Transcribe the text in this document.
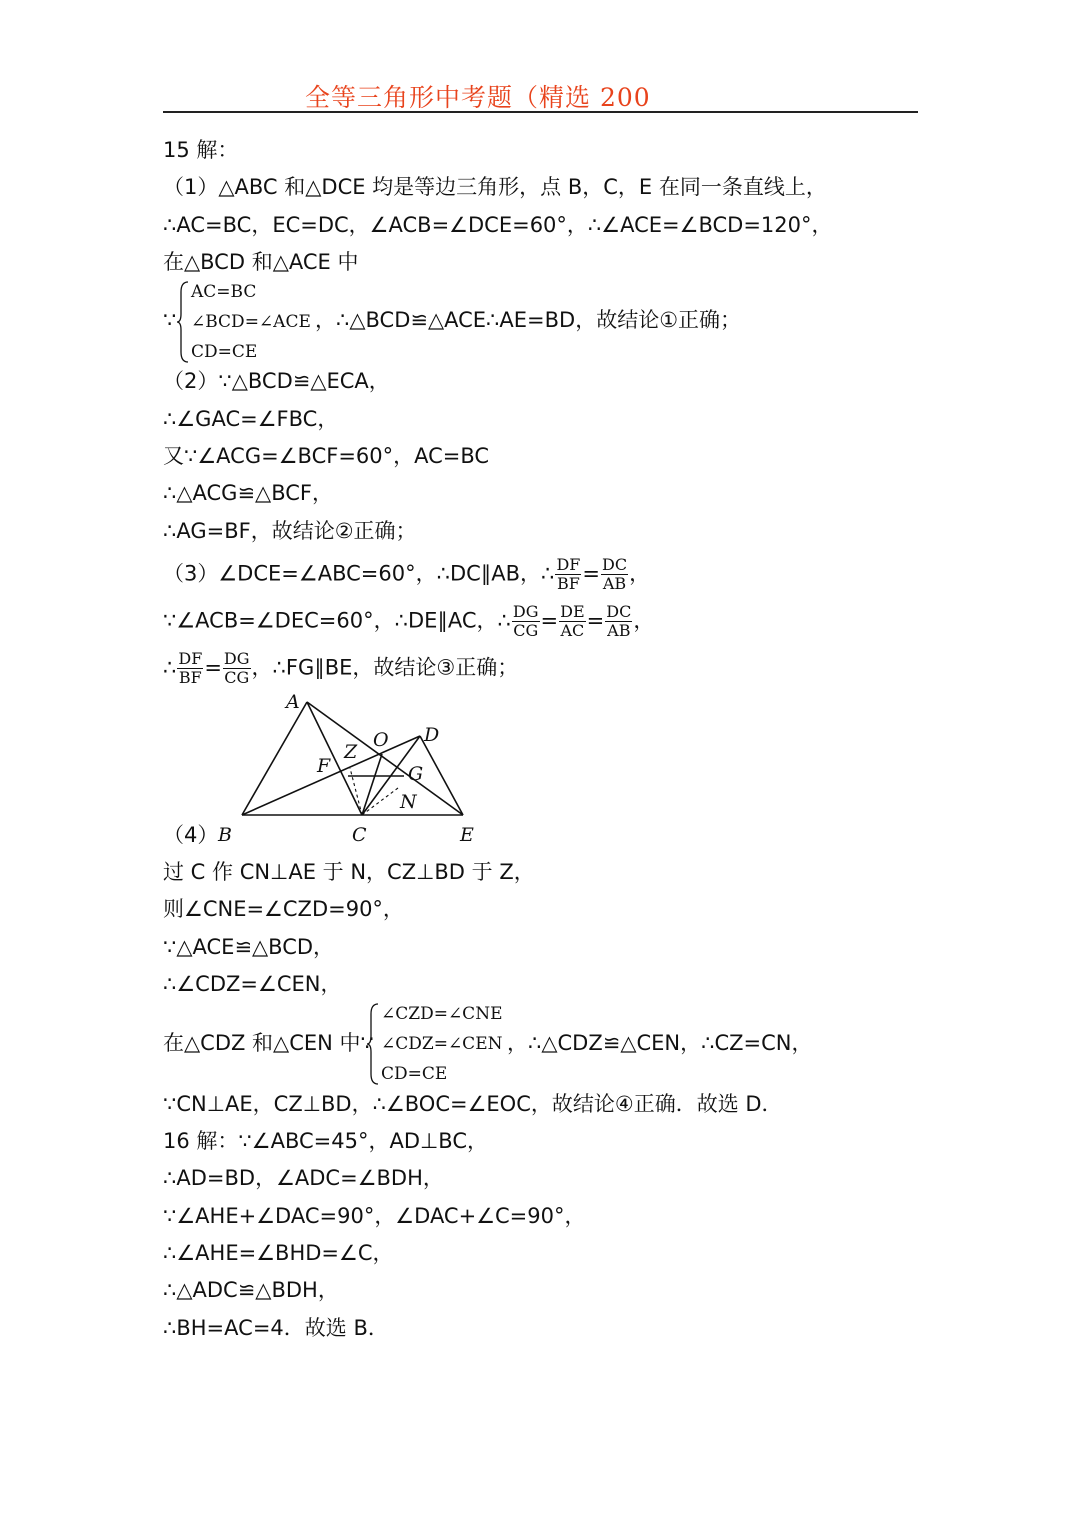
全等三角形中考题（精选 200
15 解：
（1）△ABC 和△DCE 均是等边三角形，点 B，C，E 在同一条直线上，
∴AC=BC，EC=DC，∠ACB=∠DCE=60°，∴∠ACE=∠BCD=120°，
在△BCD 和△ACE 中
∵
AC=BC
∠BCD=∠ACE
CD=CE
，∴△BCD≌△ACE∴AE=BD，故结论①正确；
（2）∵△BCD≌△ECA，
∴∠GAC=∠FBC，
又∵∠ACG=∠BCF=60°，AC=BC
∴△ACG≌△BCF，
∴AG=BF，故结论②正确；
（3）∠DCE=∠ABC=60°，∴DC∥AB，∴ $\frac{DF}{BF} = \frac{DC}{AB}$ ，
∵∠ACB=∠DEC=60°，∴DE∥AC，∴ $\frac{DG}{CG} = \frac{DE}{AC} = \frac{DC}{AB}$ ，
∴ $\frac{DF}{BF} = \frac{DG}{CG}$ ，∴FG∥BE，故结论③正确；
A
B	C
D
E
F	G
O
Z
N
（4）
过 C 作 CN⊥AE 于 N，CZ⊥BD 于 Z，
则∠CNE=∠CZD=90°，
∵△ACE≌△BCD，
∴∠CDZ=∠CEN，
在△CDZ 和△CEN 中∵
∠CZD=∠CNE
∠CDZ=∠CEN
CD=CE
，∴△CDZ≌△CEN，∴CZ=CN，
∵CN⊥AE，CZ⊥BD，∴∠BOC=∠EOC，故结论④正确．故选 D．
16 解：∵∠ABC=45°，AD⊥BC，
∴AD=BD，∠ADC=∠BDH，
∵∠AHE+∠DAC=90°，∠DAC+∠C=90°，
∴∠AHE=∠BHD=∠C，
∴△ADC≌△BDH，
∴BH=AC=4．故选 B．
